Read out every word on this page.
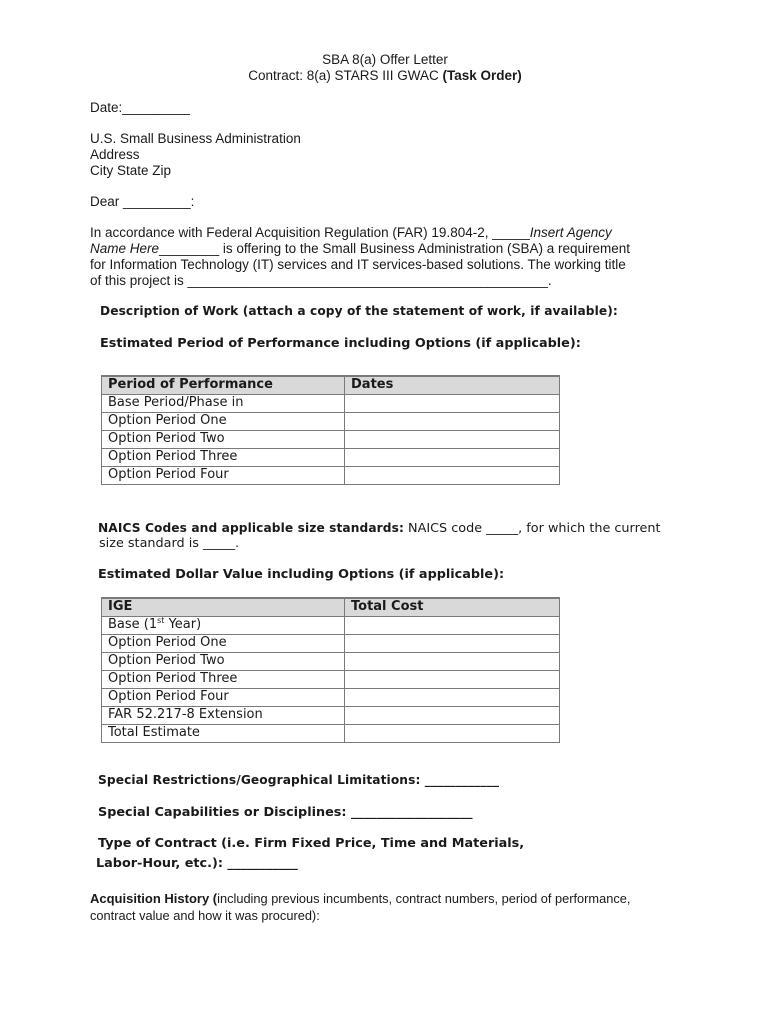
SBA 8(a) Offer Letter
Contract: 8(a) STARS III GWAC (Task Order)
Date:_________
U.S. Small Business Administration
Address
City State Zip
Dear _________:
In accordance with Federal Acquisition Regulation (FAR) 19.804-2, _____Insert Agency
Name Here________ is offering to the Small Business Administration (SBA) a requirement
for Information Technology (IT) services and IT services-based solutions. The working title
of this project is ________________________________________________.
Description of Work (attach a copy of the statement of work, if available):
Estimated Period of Performance including Options (if applicable):
Period of Performance	Dates
Base Period/Phase in	
Option Period One	
Option Period Two	
Option Period Three	
Option Period Four	
NAICS Codes and applicable size standards: NAICS code _____, for which the current
size standard is _____.
Estimated Dollar Value including Options (if applicable):
IGE	Total Cost
Base (1st Year)	
Option Period One	
Option Period Two	
Option Period Three	
Option Period Four	
FAR 52.217-8 Extension	
Total Estimate	
Special Restrictions/Geographical Limitations: ____________
Special Capabilities or Disciplines: ___________________
Type of Contract (i.e. Firm Fixed Price, Time and Materials,
Labor-Hour, etc.): ___________
Acquisition History (including previous incumbents, contract numbers, period of performance,
contract value and how it was procured):
